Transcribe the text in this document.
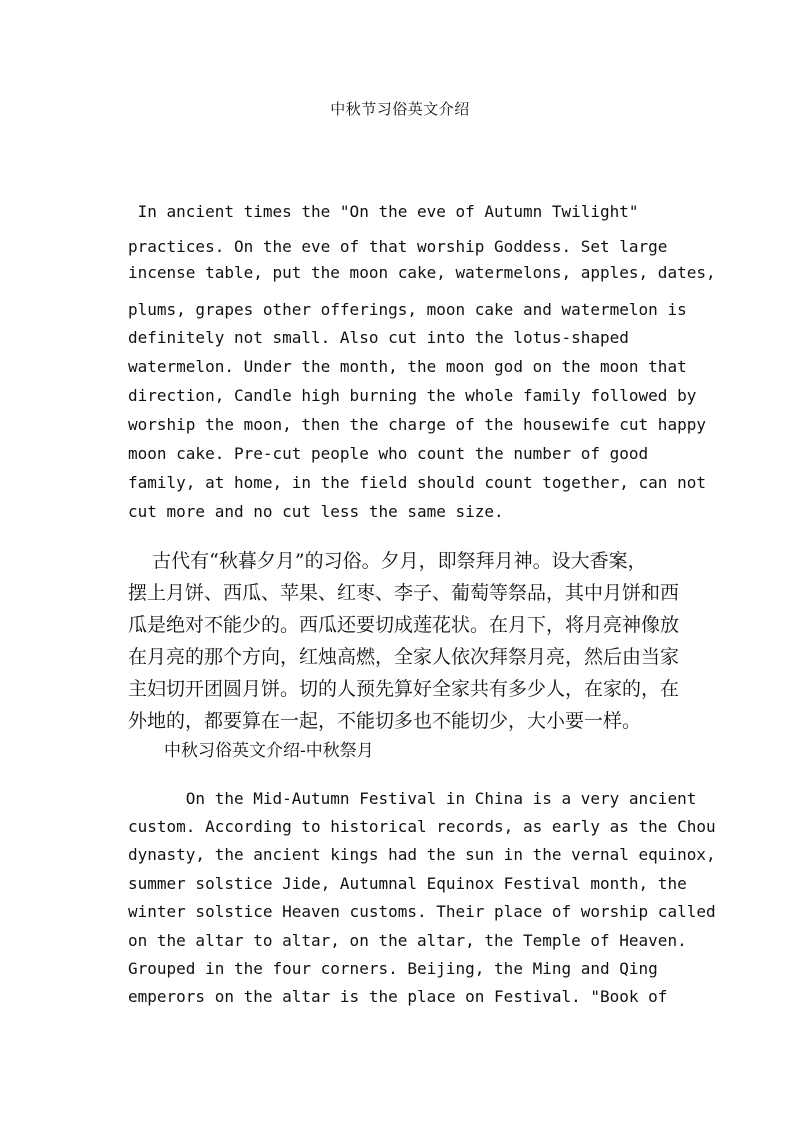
中秋节习俗英文介绍
In ancient times the "On the eve of Autumn Twilight"
practices. On the eve of that worship Goddess. Set large
incense table, put the moon cake, watermelons, apples, dates,
plums, grapes other offerings, moon cake and watermelon is
definitely not small. Also cut into the lotus-shaped
watermelon. Under the month, the moon god on the moon that
direction, Candle high burning the whole family followed by
worship the moon, then the charge of the housewife cut happy
moon cake. Pre-cut people who count the number of good
family, at home, in the field should count together, can not
cut more and no cut less the same size.
古代有“秋暮夕月”的习俗。夕月，即祭拜月神。设大香案，
摆上月饼、西瓜、苹果、红枣、李子、葡萄等祭品，其中月饼和西
瓜是绝对不能少的。西瓜还要切成莲花状。在月下，将月亮神像放
在月亮的那个方向，红烛高燃，全家人依次拜祭月亮，然后由当家
主妇切开团圆月饼。切的人预先算好全家共有多少人，在家的，在
外地的，都要算在一起，不能切多也不能切少，大小要一样。
中秋习俗英文介绍-中秋祭月
On the Mid-Autumn Festival in China is a very ancient
custom. According to historical records, as early as the Chou
dynasty, the ancient kings had the sun in the vernal equinox,
summer solstice Jide, Autumnal Equinox Festival month, the
winter solstice Heaven customs. Their place of worship called
on the altar to altar, on the altar, the Temple of Heaven.
Grouped in the four corners. Beijing, the Ming and Qing
emperors on the altar is the place on Festival. "Book of
